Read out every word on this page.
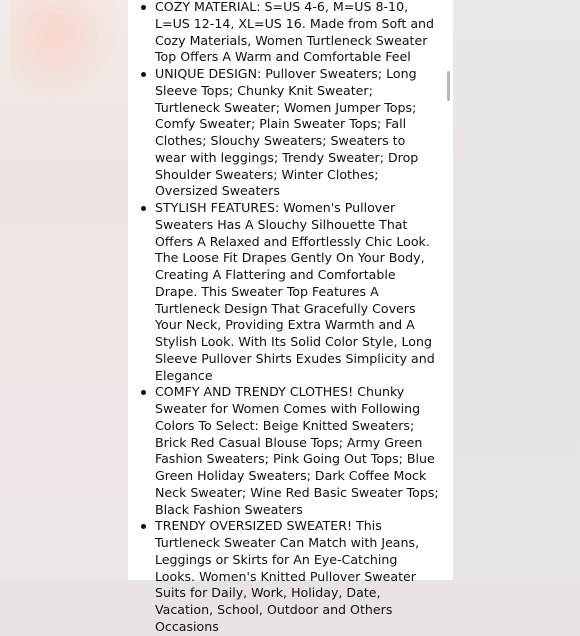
COZY MATERIAL: S=US 4-6, M=US 8-10, L=US 12-14, XL=US 16. Made from Soft and Cozy Materials, Women Turtleneck Sweater Top Offers A Warm and Comfortable Feel
UNIQUE DESIGN: Pullover Sweaters; Long Sleeve Tops; Chunky Knit Sweater; Turtleneck Sweater; Women Jumper Tops; Comfy Sweater; Plain Sweater Tops; Fall Clothes; Slouchy Sweaters; Sweaters to wear with leggings; Trendy Sweater; Drop Shoulder Sweaters; Winter Clothes; Oversized Sweaters
STYLISH FEATURES: Women's Pullover Sweaters Has A Slouchy Silhouette That Offers A Relaxed and Effortlessly Chic Look. The Loose Fit Drapes Gently On Your Body, Creating A Flattering and Comfortable Drape. This Sweater Top Features A Turtleneck Design That Gracefully Covers Your Neck, Providing Extra Warmth and A Stylish Look. With Its Solid Color Style, Long Sleeve Pullover Shirts Exudes Simplicity and Elegance
COMFY AND TRENDY CLOTHES! Chunky Sweater for Women Comes with Following Colors To Select: Beige Knitted Sweaters; Brick Red Casual Blouse Tops; Army Green Fashion Sweaters; Pink Going Out Tops; Blue Green Holiday Sweaters; Dark Coffee Mock Neck Sweater; Wine Red Basic Sweater Tops; Black Fashion Sweaters
TRENDY OVERSIZED SWEATER! This Turtleneck Sweater Can Match with Jeans, Leggings or Skirts for An Eye-Catching Looks. Women's Knitted Pullover Sweater Suits for Daily, Work, Holiday, Date, Vacation, School, Outdoor and Others Occasions
